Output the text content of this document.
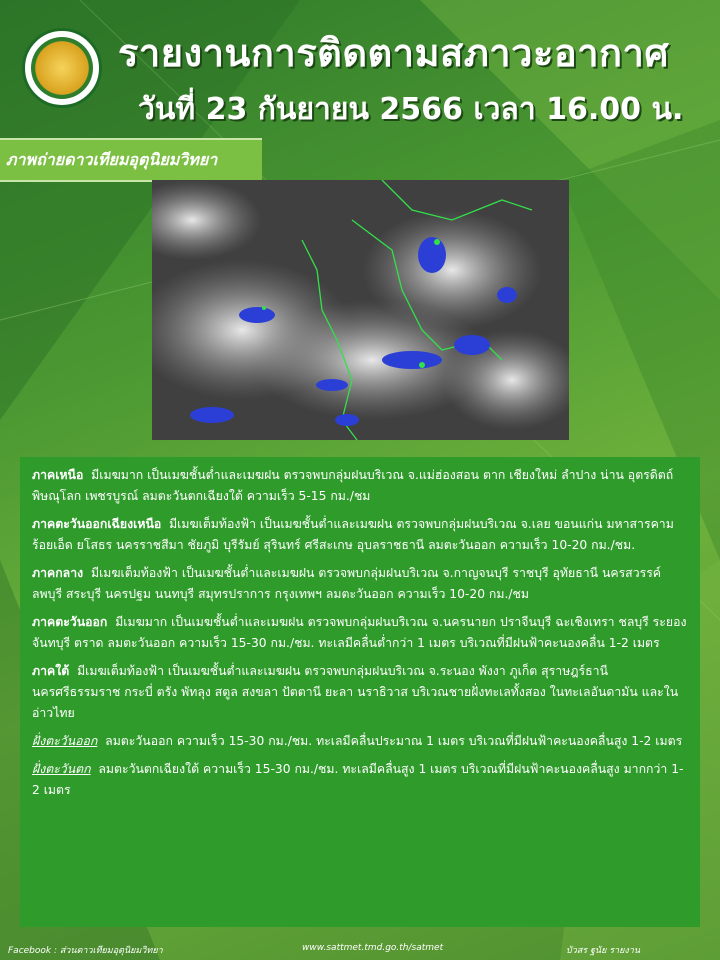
รายงานการติดตามสภาวะอากาศ
วันที่ 23 กันยายน 2566 เวลา 16.00 น.
ภาพถ่ายดาวเทียมอุตุนิยมวิทยา

ภาคเหนือ มีเมฆมาก เป็นเมฆชั้นต่ำและเมฆฝน ตรวจพบกลุ่มฝนบริเวณ จ.แม่ฮ่องสอน ตาก เชียงใหม่ ลำปาง น่าน อุตรดิตถ์ พิษณุโลก เพชรบูรณ์ ลมตะวันตกเฉียงใต้ ความเร็ว 5-15 กม./ชม

ภาคตะวันออกเฉียงเหนือ มีเมฆเต็มท้องฟ้า เป็นเมฆชั้นต่ำและเมฆฝน ตรวจพบกลุ่มฝนบริเวณ จ.เลย ขอนแก่น มหาสารคาม ร้อยเอ็ด ยโสธร นครราชสีมา ชัยภูมิ บุรีรัมย์ สุรินทร์ ศรีสะเกษ อุบลราชธานี ลมตะวันออก ความเร็ว 10-20 กม./ชม.

ภาคกลาง มีเมฆเต็มท้องฟ้า เป็นเมฆชั้นต่ำและเมฆฝน ตรวจพบกลุ่มฝนบริเวณ จ.กาญจนบุรี ราชบุรี อุทัยธานี นครสวรรค์ ลพบุรี สระบุรี นครปฐม นนทบุรี สมุทรปราการ กรุงเทพฯ ลมตะวันออก ความเร็ว 10-20 กม./ชม

ภาคตะวันออก มีเมฆมาก เป็นเมฆชั้นต่ำและเมฆฝน ตรวจพบกลุ่มฝนบริเวณ จ.นครนายก ปราจีนบุรี ฉะเชิงเทรา ชลบุรี ระยอง จันทบุรี ตราด ลมตะวันออก ความเร็ว 15-30 กม./ชม. ทะเลมีคลื่นต่ำกว่า 1 เมตร บริเวณที่มีฝนฟ้าคะนองคลื่น 1-2 เมตร

ภาคใต้ มีเมฆเต็มท้องฟ้า เป็นเมฆชั้นต่ำและเมฆฝน ตรวจพบกลุ่มฝนบริเวณ จ.ระนอง พังงา ภูเก็ต สุราษฎร์ธานี นครศรีธรรมราช กระบี่ ตรัง พัทลุง สตูล สงขลา ปัตตานี ยะลา นราธิวาส บริเวณชายฝั่งทะเลทั้งสอง ในทะเลอันดามัน และในอ่าวไทย

ฝั่งตะวันออก ลมตะวันออก ความเร็ว 15-30 กม./ชม. ทะเลมีคลื่นประมาณ 1 เมตร บริเวณที่มีฝนฟ้าคะนองคลื่นสูง 1-2 เมตร

ฝั่งตะวันตก ลมตะวันตกเฉียงใต้ ความเร็ว 15-30 กม./ชม. ทะเลมีคลื่นสูง 1 เมตร บริเวณที่มีฝนฟ้าคะนองคลื่นสูง มากกว่า 1- 2 เมตร

Facebook : ส่วนดาวเทียมอุตุนิยมวิทยา	www.sattmet.tmd.go.th/satmet	บัวสร ฐนัย รายงาน
